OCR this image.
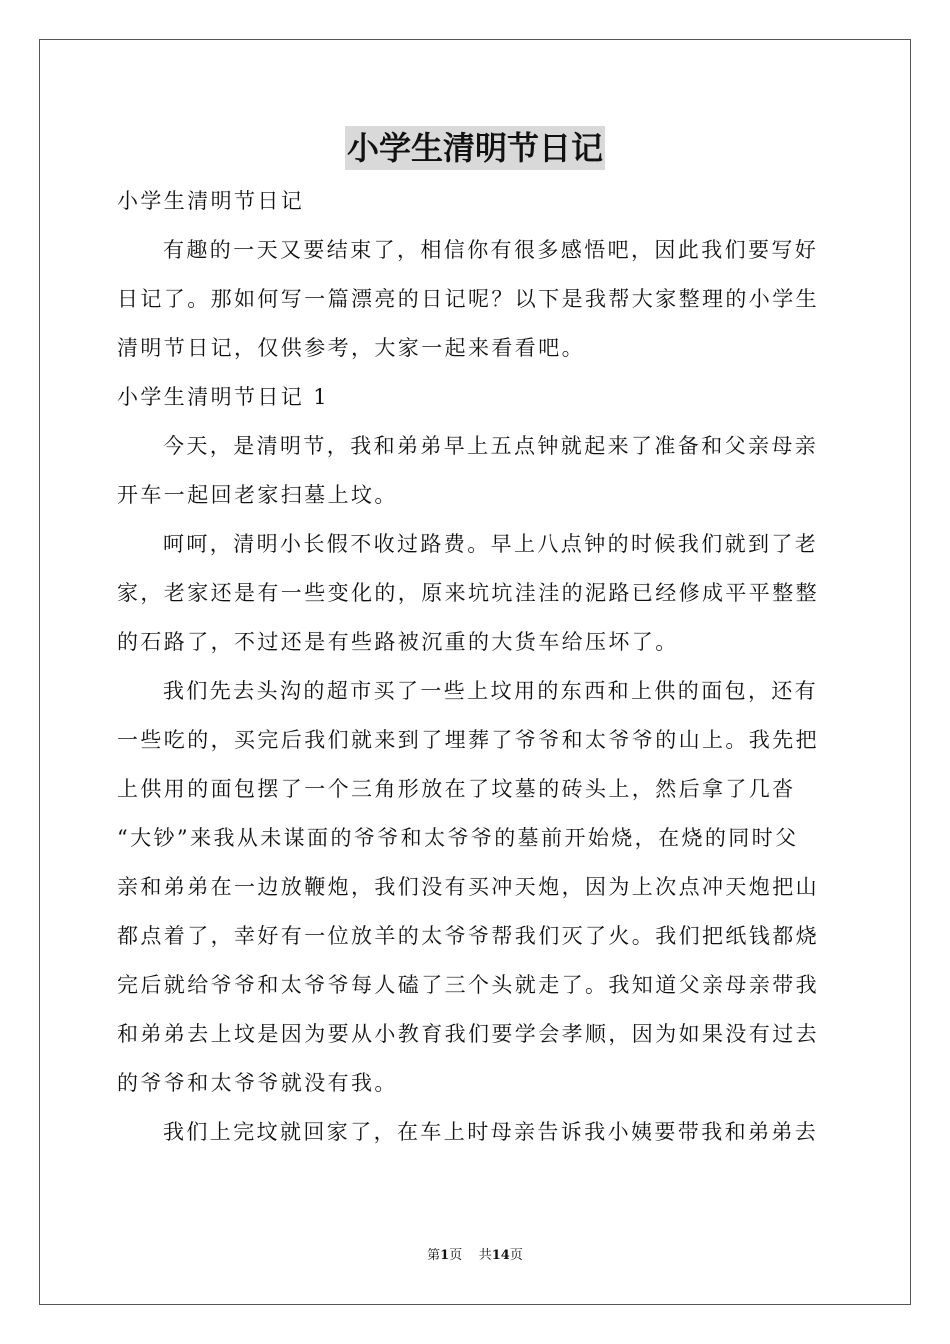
小学生清明节日记
小学生清明节日记
有趣的一天又要结束了，相信你有很多感悟吧，因此我们要写好
日记了。那如何写一篇漂亮的日记呢？以下是我帮大家整理的小学生
清明节日记，仅供参考，大家一起来看看吧。
小学生清明节日记 1
今天，是清明节，我和弟弟早上五点钟就起来了准备和父亲母亲
开车一起回老家扫墓上坟。
呵呵，清明小长假不收过路费。早上八点钟的时候我们就到了老
家，老家还是有一些变化的，原来坑坑洼洼的泥路已经修成平平整整
的石路了，不过还是有些路被沉重的大货车给压坏了。
我们先去头沟的超市买了一些上坟用的东西和上供的面包，还有
一些吃的，买完后我们就来到了埋葬了爷爷和太爷爷的山上。我先把
上供用的面包摆了一个三角形放在了坟墓的砖头上，然后拿了几沓
“大钞”来我从未谋面的爷爷和太爷爷的墓前开始烧，在烧的同时父
亲和弟弟在一边放鞭炮，我们没有买冲天炮，因为上次点冲天炮把山
都点着了，幸好有一位放羊的太爷爷帮我们灭了火。我们把纸钱都烧
完后就给爷爷和太爷爷每人磕了三个头就走了。我知道父亲母亲带我
和弟弟去上坟是因为要从小教育我们要学会孝顺，因为如果没有过去
的爷爷和太爷爷就没有我。
我们上完坟就回家了，在车上时母亲告诉我小姨要带我和弟弟去
第1页 共14页
